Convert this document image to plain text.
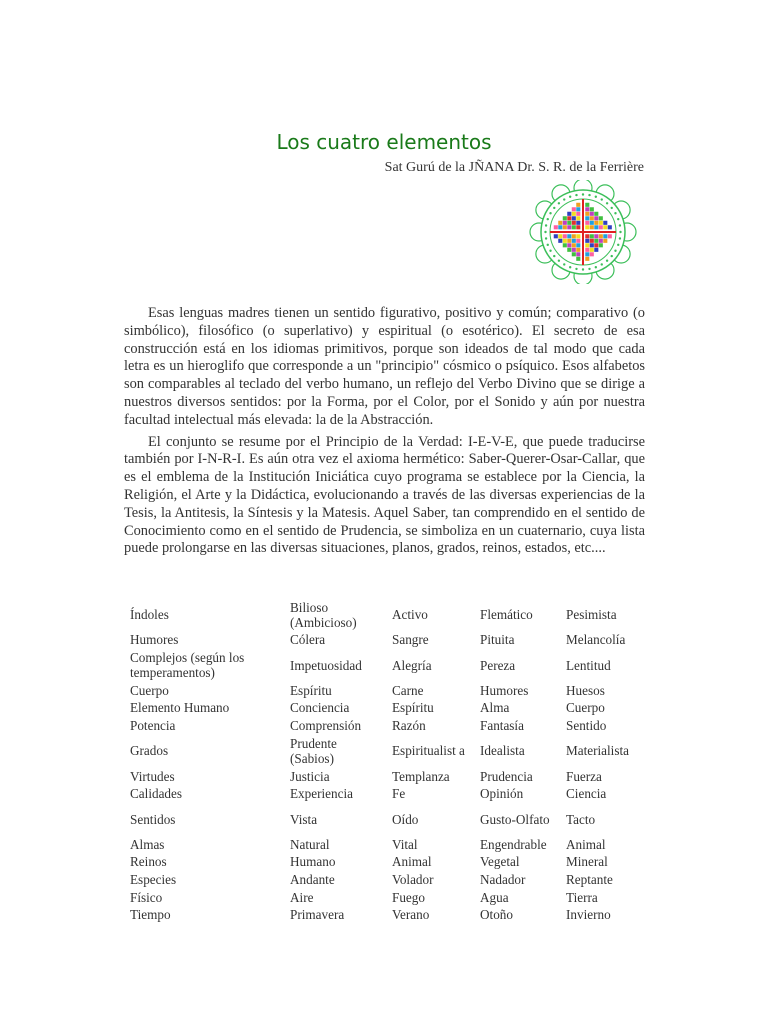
Los cuatro elementos
Sat Gurú de la JÑANA Dr. S. R. de la Ferrière

Esas lenguas madres tienen un sentido figurativo, positivo y común; comparativo (o simbólico), filosófico (o superlativo) y espiritual (o esotérico). El secreto de esa construcción está en los idiomas primitivos, porque son ideados de tal modo que cada letra es un hieroglifo que corresponde a un "principio" cósmico o psíquico. Esos alfabetos son comparables al teclado del verbo humano, un reflejo del Verbo Divino que se dirige a nuestros diversos sentidos: por la Forma, por el Color, por el Sonido y aún por nuestra facultad intelectual más elevada: la de la Abstracción.

El conjunto se resume por el Principio de la Verdad: I-E-V-E, que puede traducirse también por I-N-R-I. Es aún otra vez el axioma hermético: Saber-Querer-Osar-Callar, que es el emblema de la Institución Iniciática cuyo programa se establece por la Ciencia, la Religión, el Arte y la Didáctica, evolucionando a través de las diversas experiencias de la Tesis, la Antitesis, la Síntesis y la Matesis. Aquel Saber, tan comprendido en el sentido de Conocimiento como en el sentido de Prudencia, se simboliza en un cuaternario, cuya lista puede prolongarse en las diversas situaciones, planos, grados, reinos, estados, etc....

Índoles	Bilioso (Ambicioso)	Activo	Flemático	Pesimista
Humores	Cólera	Sangre	Pituita	Melancolía
Complejos (según los temperamentos)	Impetuosidad	Alegría	Pereza	Lentitud
Cuerpo	Espíritu	Carne	Humores	Huesos
Elemento Humano	Conciencia	Espíritu	Alma	Cuerpo
Potencia	Comprensión	Razón	Fantasía	Sentido
Grados	Prudente (Sabios)	Espiritualist a	Idealista	Materialista
Virtudes	Justicia	Templanza	Prudencia	Fuerza
Calidades	Experiencia	Fe	Opinión	Ciencia
Sentidos	Vista	Oído	Gusto-Olfato	Tacto
Almas	Natural	Vital	Engendrable	Animal
Reinos	Humano	Animal	Vegetal	Mineral
Especies	Andante	Volador	Nadador	Reptante
Físico	Aire	Fuego	Agua	Tierra
Tiempo	Primavera	Verano	Otoño	Invierno
